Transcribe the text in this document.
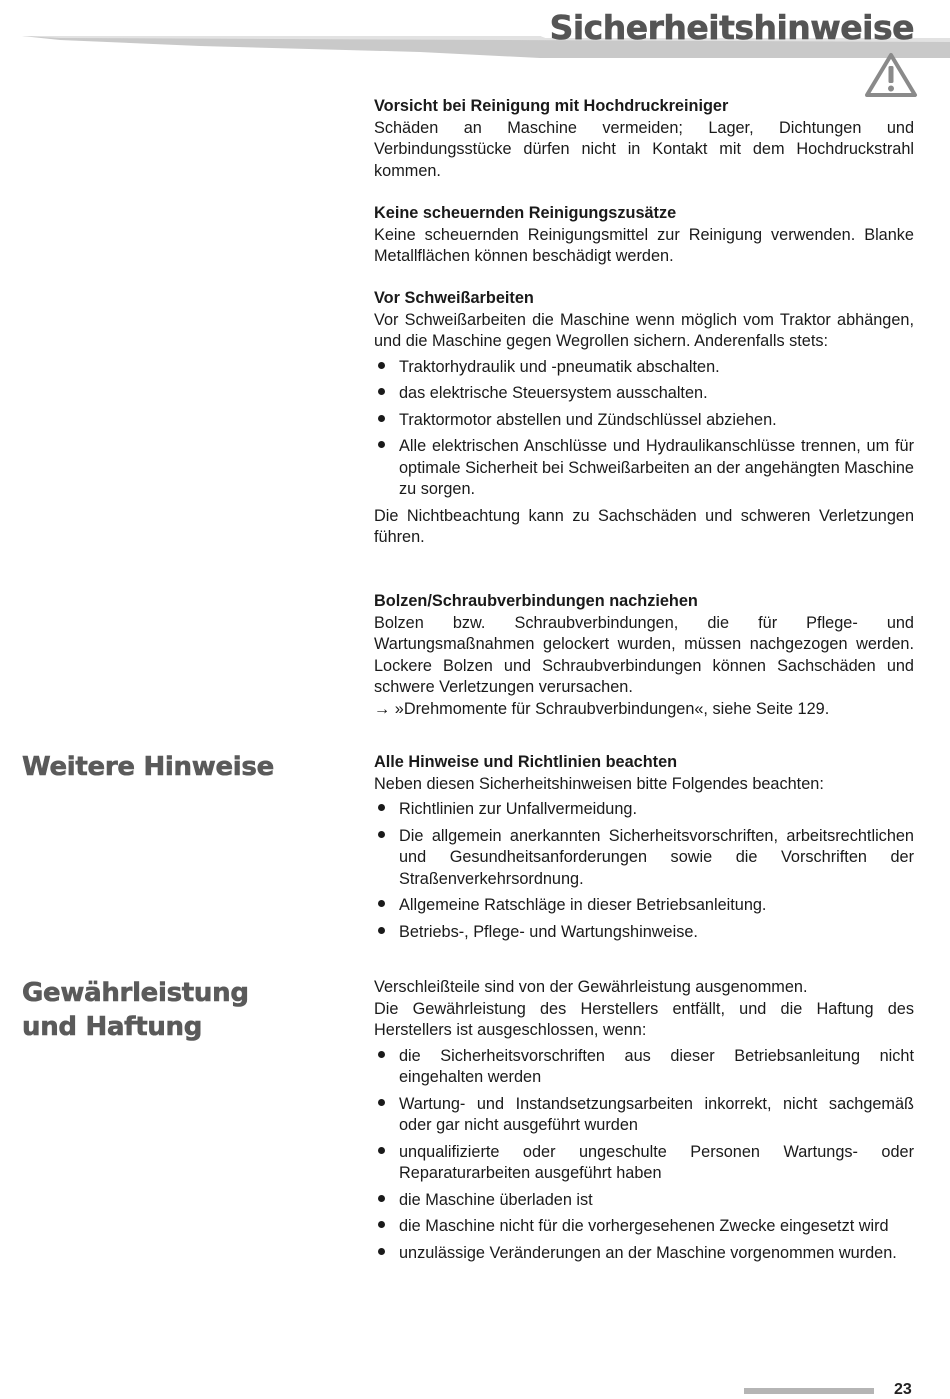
Sicherheitshinweise
Weitere Hinweise
Gewährleistung
und Haftung
Vorsicht bei Reinigung mit Hochdruckreiniger

Schäden an Maschine vermeiden; Lager, Dichtungen und Verbindungsstücke dürfen nicht in Kontakt mit dem Hochdruckstrahl kommen.

Keine scheuernden Reinigungszusätze

Keine scheuernden Reinigungsmittel zur Reinigung verwenden. Blanke Metallflächen können beschädigt werden.

Vor Schweißarbeiten

Vor Schweißarbeiten die Maschine wenn möglich vom Traktor abhängen, und die Maschine gegen Wegrollen sichern. Anderenfalls stets:

Traktorhydraulik und -pneumatik abschalten.
das elektrische Steuersystem ausschalten.
Traktormotor abstellen und Zündschlüssel abziehen.
Alle elektrischen Anschlüsse und Hydraulikanschlüsse trennen, um für optimale Sicherheit bei Schweißarbeiten an der angehängten Maschine zu sorgen.

Die Nichtbeachtung kann zu Sachschäden und schweren Verletzungen führen.

Bolzen/Schraubverbindungen nachziehen

Bolzen bzw. Schraubverbindungen, die für Pflege- und Wartungsmaßnahmen gelockert wurden, müssen nachgezogen werden. Lockere Bolzen und Schraubverbindungen können Sachschäden und schwere Verletzungen verursachen.

→ »Drehmomente für Schraubverbindungen«, siehe Seite 129.

Alle Hinweise und Richtlinien beachten

Neben diesen Sicherheitshinweisen bitte Folgendes beachten:

Richtlinien zur Unfallvermeidung.
Die allgemein anerkannten Sicherheitsvorschriften, arbeitsrechtlichen und Gesundheitsanforderungen sowie die Vorschriften der Straßenverkehrsordnung.
Allgemeine Ratschläge in dieser Betriebsanleitung.
Betriebs-, Pflege- und Wartungshinweise.

Verschleißteile sind von der Gewährleistung ausgenommen.

Die Gewährleistung des Herstellers entfällt, und die Haftung des Herstellers ist ausgeschlossen, wenn:

die Sicherheitsvorschriften aus dieser Betriebsanleitung nicht eingehalten werden
Wartung- und Instandsetzungsarbeiten inkorrekt, nicht sachgemäß oder gar nicht ausgeführt wurden
unqualifizierte oder ungeschulte Personen Wartungs- oder Reparaturarbeiten ausgeführt haben
die Maschine überladen ist
die Maschine nicht für die vorhergesehenen Zwecke eingesetzt wird
unzulässige Veränderungen an der Maschine vorgenommen wurden.
23
